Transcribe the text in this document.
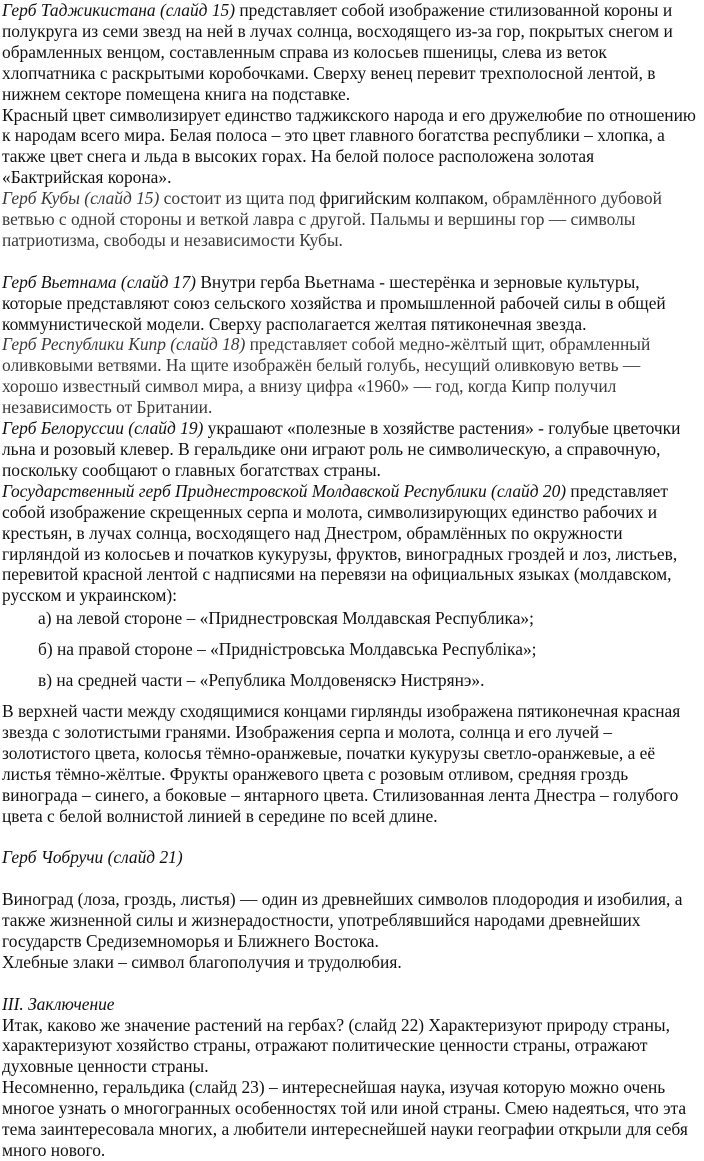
Герб Таджикистана (слайд 15) представляет собой изображение стилизованной короны и полукруга из семи звезд на ней в лучах солнца, восходящего из-за гор, покрытых снегом и обрамленных венцом, составленным справа из колосьев пшеницы, слева из веток хлопчатника с раскрытыми коробочками. Сверху венец перевит трехполосной лентой, в нижнем секторе помещена книга на подставке.

Красный цвет символизирует единство таджикского народа и его дружелюбие по отношению к народам всего мира. Белая полоса – это цвет главного богатства республики – хлопка, а также цвет снега и льда в высоких горах. На белой полосе расположена золотая «Бактрийская корона».

Герб Кубы (слайд 15) состоит из щита под фригийским колпаком, обрамлённого дубовой ветвью с одной стороны и веткой лавра с другой. Пальмы и вершины гор — символы патриотизма, свободы и независимости Кубы.

Герб Вьетнама (слайд 17) Внутри герба Вьетнама - шестерёнка и зерновые культуры, которые представляют союз сельского хозяйства и промышленной рабочей силы в общей коммунистической модели. Сверху располагается желтая пятиконечная звезда.

Герб Республики Кипр (слайд 18) представляет собой медно-жёлтый щит, обрамленный оливковыми ветвями. На щите изображён белый голубь, несущий оливковую ветвь — хорошо известный символ мира, а внизу цифра «1960» — год, когда Кипр получил независимость от Британии.

Герб Белоруссии (слайд 19) украшают «полезные в хозяйстве растения» - голубые цветочки льна и розовый клевер. В геральдике они играют роль не символическую, а справочную, поскольку сообщают о главных богатствах страны.

Государственный герб Приднестровской Молдавской Республики (слайд 20) представляет собой изображение скрещенных серпа и молота, символизирующих единство рабочих и крестьян, в лучах солнца, восходящего над Днестром, обрамлённых по окружности гирляндой из колосьев и початков кукурузы, фруктов, виноградных гроздей и лоз, листьев, перевитой красной лентой с надписями на перевязи на официальных языках (молдавском, русском и украинском):

а) на левой стороне – «Приднестровская Молдавская Республика»;
б) на правой стороне – «Придністровська Молдавська Республіка»;
в) на средней части – «Република Молдовеняскэ Нистрянэ».

В верхней части между сходящимися концами гирлянды изображена пятиконечная красная звезда с золотистыми гранями. Изображения серпа и молота, солнца и его лучей – золотистого цвета, колосья тёмно-оранжевые, початки кукурузы светло-оранжевые, а её листья тёмно-жёлтые. Фрукты оранжевого цвета с розовым отливом, средняя гроздь винограда – синего, а боковые – янтарного цвета. Стилизованная лента Днестра – голубого цвета с белой волнистой линией в середине по всей длине.

Герб Чобручи (слайд 21)

Виноград (лоза, гроздь, листья) — один из древнейших символов плодородия и изобилия, а также жизненной силы и жизнерадостности, употреблявшийся народами древнейших государств Средиземноморья и Ближнего Востока.

Хлебные злаки – символ благополучия и трудолюбия.

III. Заключение

Итак, каково же значение растений на гербах? (слайд 22) Характеризуют природу страны, характеризуют хозяйство страны, отражают политические ценности страны, отражают духовные ценности страны.

Несомненно, геральдика (слайд 23) – интереснейшая наука, изучая которую можно очень многое узнать о многогранных особенностях той или иной страны. Смею надеяться, что эта тема заинтересовала многих, а любители интереснейшей науки географии открыли для себя много нового.
